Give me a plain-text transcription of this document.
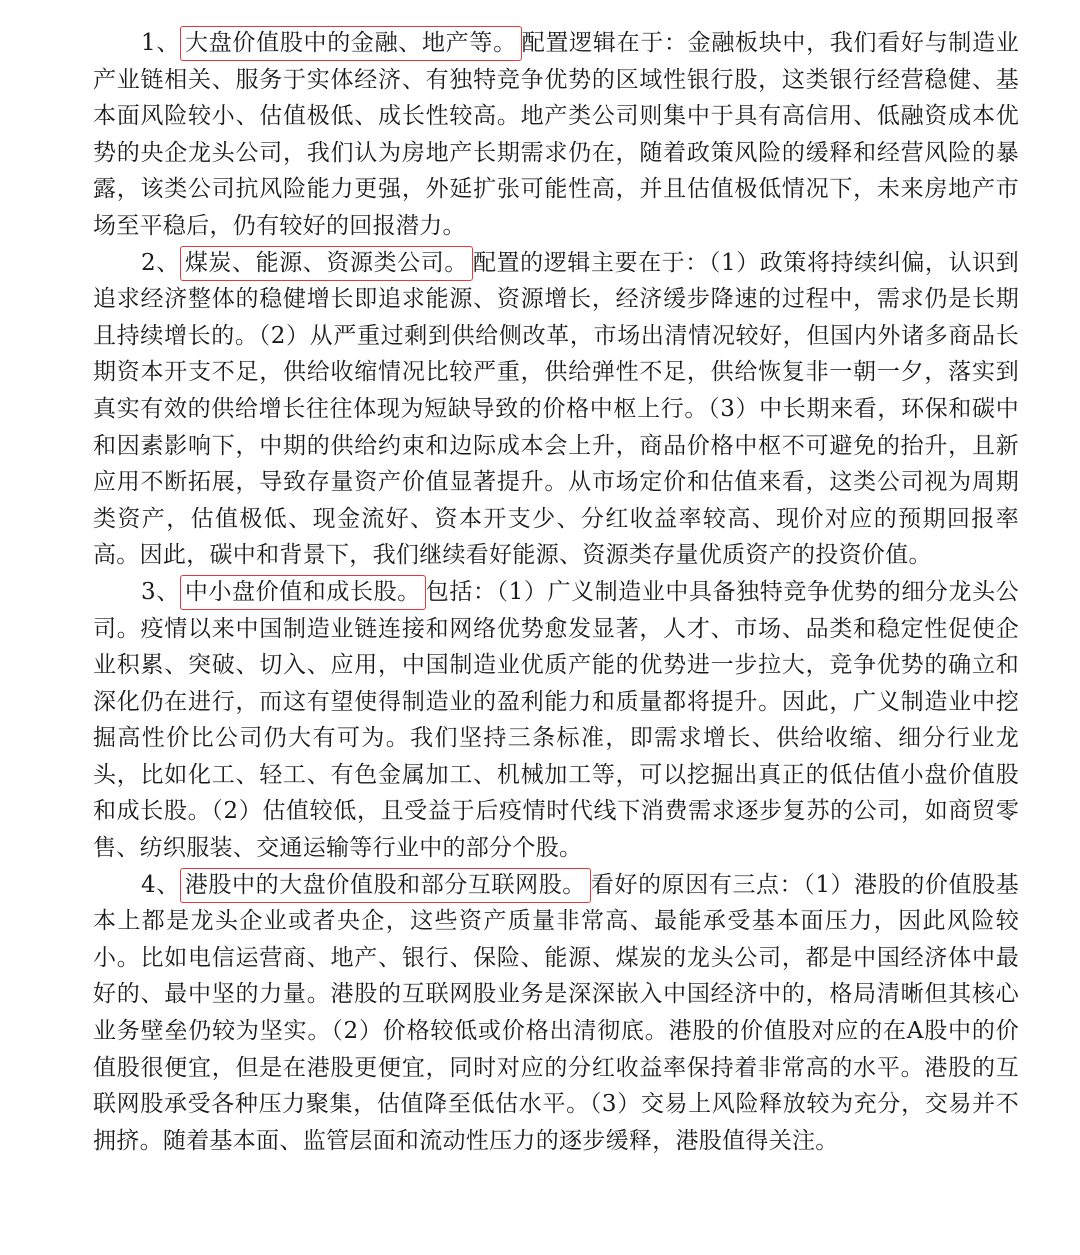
1、 大盘价值股中的金融、地产等。 配置逻辑在于：金融板块中，我们看好与制造业产业链相关、服务于实体经济、有独特竞争优势的区域性银行股，这类银行经营稳健、基本面风险较小、估值极低、成长性较高。地产类公司则集中于具有高信用、低融资成本优势的央企龙头公司，我们认为房地产长期需求仍在，随着政策风险的缓释和经营风险的暴露，该类公司抗风险能力更强，外延扩张可能性高，并且估值极低情况下，未来房地产市场至平稳后，仍有较好的回报潜力。

2、 煤炭、能源、资源类公司。 配置的逻辑主要在于：（1）政策将持续纠偏，认识到追求经济整体的稳健增长即追求能源、资源增长，经济缓步降速的过程中，需求仍是长期且持续增长的。（2）从严重过剩到供给侧改革，市场出清情况较好，但国内外诸多商品长期资本开支不足，供给收缩情况比较严重，供给弹性不足，供给恢复非一朝一夕，落实到真实有效的供给增长往往体现为短缺导致的价格中枢上行。（3）中长期来看，环保和碳中和因素影响下，中期的供给约束和边际成本会上升，商品价格中枢不可避免的抬升，且新应用不断拓展，导致存量资产价值显著提升。从市场定价和估值来看，这类公司视为周期类资产，估值极低、现金流好、资本开支少、分红收益率较高、现价对应的预期回报率高。因此，碳中和背景下，我们继续看好能源、资源类存量优质资产的投资价值。

3、 中小盘价值和成长股。 包括：（1）广义制造业中具备独特竞争优势的细分龙头公司。疫情以来中国制造业链连接和网络优势愈发显著，人才、市场、品类和稳定性促使企业积累、突破、切入、应用，中国制造业优质产能的优势进一步拉大，竞争优势的确立和深化仍在进行，而这有望使得制造业的盈利能力和质量都将提升。因此，广义制造业中挖掘高性价比公司仍大有可为。我们坚持三条标准，即需求增长、供给收缩、细分行业龙头，比如化工、轻工、有色金属加工、机械加工等，可以挖掘出真正的低估值小盘价值股和成长股。（2）估值较低，且受益于后疫情时代线下消费需求逐步复苏的公司，如商贸零售、纺织服装、交通运输等行业中的部分个股。

4、 港股中的大盘价值股和部分互联网股。 看好的原因有三点：（1）港股的价值股基本上都是龙头企业或者央企，这些资产质量非常高、最能承受基本面压力，因此风险较小。比如电信运营商、地产、银行、保险、能源、煤炭的龙头公司，都是中国经济体中最好的、最中坚的力量。港股的互联网股业务是深深嵌入中国经济中的，格局清晰但其核心业务壁垒仍较为坚实。（2）价格较低或价格出清彻底。港股的价值股对应的在A股中的价值股很便宜，但是在港股更便宜，同时对应的分红收益率保持着非常高的水平。港股的互联网股承受各种压力聚集，估值降至低估水平。（3）交易上风险释放较为充分，交易并不拥挤。随着基本面、监管层面和流动性压力的逐步缓释，港股值得关注。
